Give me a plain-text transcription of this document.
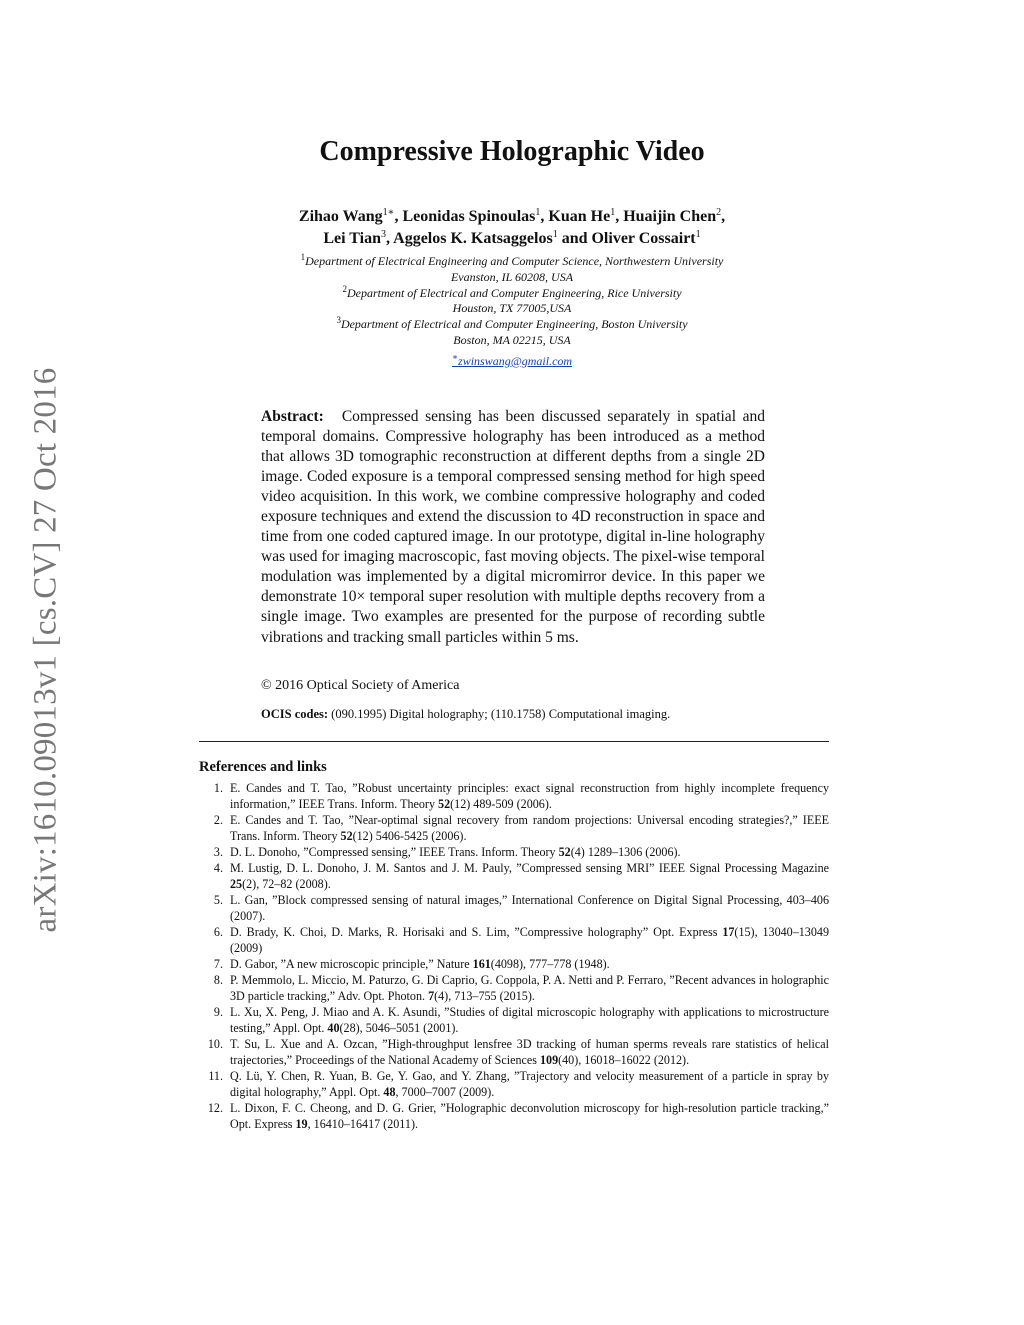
arXiv:1610.09013v1 [cs.CV] 27 Oct 2016
Compressive Holographic Video
Zihao Wang$^{1∗}$, Leonidas Spinoulas$^1$, Kuan He$^1$, Huaijin Chen$^2$,
Lei Tian$^3$, Aggelos K. Katsaggelos$^1$ and Oliver Cossairt$^1$
$^1$Department of Electrical Engineering and Computer Science, Northwestern University
Evanston, IL 60208, USA
$^2$Department of Electrical and Computer Engineering, Rice University
Houston, TX 77005,USA
$^3$Department of Electrical and Computer Engineering, Boston University
Boston, MA 02215, USA
∗zwinswang@gmail.com

Abstract: Compressed sensing has been discussed separately in spatial and temporal domains. Compressive holography has been introduced as a method that allows 3D tomographic reconstruction at different depths from a single 2D image. Coded exposure is a temporal compressed sensing method for high speed video acquisition. In this work, we combine compressive holography and coded exposure techniques and extend the discussion to 4D reconstruction in space and time from one coded captured image. In our prototype, digital in-line holography was used for imaging macroscopic, fast moving objects. The pixel-wise temporal modulation was implemented by a digital micromirror device. In this paper we demonstrate 10× temporal super resolution with multiple depths recovery from a single image. Two examples are presented for the purpose of recording subtle vibrations and tracking small particles within 5 ms.

© 2016 Optical Society of America
OCIS codes: (090.1995) Digital holography; (110.1758) Computational imaging.
References and links
1. E. Candes and T. Tao, ”Robust uncertainty principles: exact signal reconstruction from highly incomplete frequency information,” IEEE Trans. Inform. Theory 52(12) 489-509 (2006).
2. E. Candes and T. Tao, ”Near-optimal signal recovery from random projections: Universal encoding strategies?,” IEEE Trans. Inform. Theory 52(12) 5406-5425 (2006).
3. D. L. Donoho, ”Compressed sensing,” IEEE Trans. Inform. Theory 52(4) 1289–1306 (2006).
4. M. Lustig, D. L. Donoho, J. M. Santos and J. M. Pauly, ”Compressed sensing MRI” IEEE Signal Processing Magazine 25(2), 72–82 (2008).
5. L. Gan, ”Block compressed sensing of natural images,” International Conference on Digital Signal Processing, 403–406 (2007).
6. D. Brady, K. Choi, D. Marks, R. Horisaki and S. Lim, ”Compressive holography” Opt. Express 17(15), 13040–13049 (2009)
7. D. Gabor, ”A new microscopic principle,” Nature 161(4098), 777–778 (1948).
8. P. Memmolo, L. Miccio, M. Paturzo, G. Di Caprio, G. Coppola, P. A. Netti and P. Ferraro, ”Recent advances in holographic 3D particle tracking,” Adv. Opt. Photon. 7(4), 713–755 (2015).
9. L. Xu, X. Peng, J. Miao and A. K. Asundi, ”Studies of digital microscopic holography with applications to microstructure testing,” Appl. Opt. 40(28), 5046–5051 (2001).
10. T. Su, L. Xue and A. Ozcan, ”High-throughput lensfree 3D tracking of human sperms reveals rare statistics of helical trajectories,” Proceedings of the National Academy of Sciences 109(40), 16018–16022 (2012).
11. Q. Lü, Y. Chen, R. Yuan, B. Ge, Y. Gao, and Y. Zhang, ”Trajectory and velocity measurement of a particle in spray by digital holography,” Appl. Opt. 48, 7000–7007 (2009).
12. L. Dixon, F. C. Cheong, and D. G. Grier, ”Holographic deconvolution microscopy for high-resolution particle tracking,” Opt. Express 19, 16410–16417 (2011).
